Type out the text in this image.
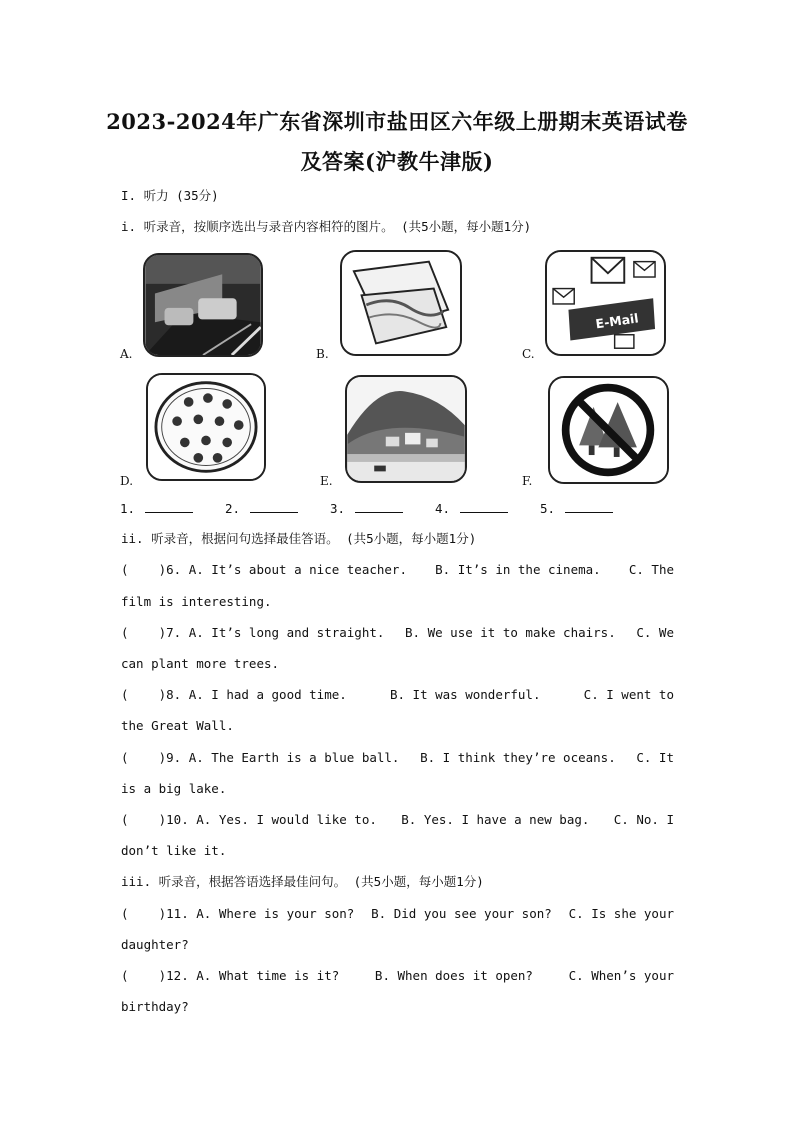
2023-2024年广东省深圳市盐田区六年级上册期末英语试卷
及答案(沪教牛津版)
I. 听力 (35分)
i. 听录音，按顺序选出与录音内容相符的图片。 (共5小题，每小题1分)
A.	B.
E-Mail
C.
D.	E.	F.
1.	2.	3.	4.	5.
ii. 听录音，根据问句选择最佳答语。 (共5小题，每小题1分)
(    )6. A. It’s about a nice teacher. B. It’s in the cinema. C. The
film is interesting.
(    )7. A. It’s long and straight. B. We use it to make chairs. C. We
can plant more trees.
(    )8. A. I had a good time.	B. It was wonderful.	C. I went to
the Great Wall.
(    )9. A. The Earth is a blue ball. B. I think they’re oceans. C. It
is a big lake.
(    )10. A. Yes. I would like to. B. Yes. I have a new bag. C. No. I
don’t like it.
iii. 听录音，根据答语选择最佳问句。 (共5小题，每小题1分)
(    )11. A. Where is your son? B. Did you see your son? C. Is she your
daughter?
(    )12. A. What time is it?	B. When does it open?	C. When’s your
birthday?
